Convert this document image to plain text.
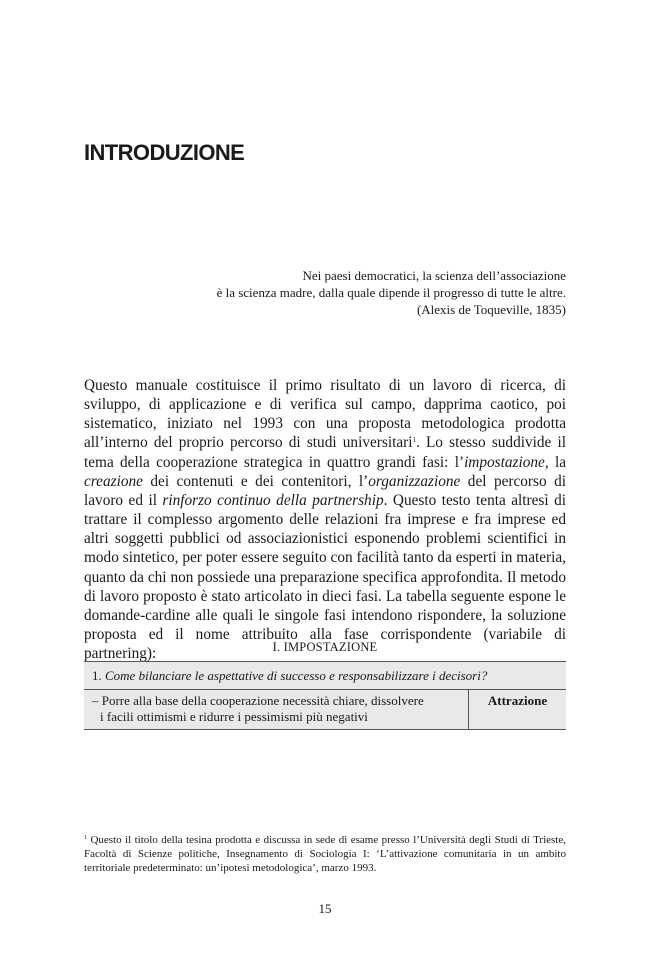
INTRODUZIONE
Nei paesi democratici, la scienza dell’associazione
è la scienza madre, dalla quale dipende il progresso di tutte le altre.
(Alexis de Toqueville, 1835)
Questo manuale costituisce il primo risultato di un lavoro di ricerca, di sviluppo, di applicazione e di verifica sul campo, dapprima caotico, poi sistematico, iniziato nel 1993 con una proposta metodologica prodotta all’interno del proprio percorso di studi universitari$^1$. Lo stesso suddivide il tema della cooperazione strategica in quattro grandi fasi: l’impostazione, la creazione dei contenuti e dei contenitori, l’organizzazione del percorso di lavoro ed il rinforzo continuo della partnership. Questo testo tenta altresì di trattare il complesso argomento delle relazioni fra imprese e fra imprese ed altri soggetti pubblici od associazionistici esponendo problemi scientifici in modo sintetico, per poter essere seguito con facilità tanto da esperti in materia, quanto da chi non possiede una preparazione specifica approfondita. Il metodo di lavoro proposto è stato articolato in dieci fasi. La tabella seguente espone le domande-cardine alle quali le singole fasi intendono rispondere, la soluzione proposta ed il nome attribuito alla fase corrispondente (variabile di partnering):	I. IMPOSTAZIONE
1. Come bilanciare le aspettative di successo e responsabilizzare i decisori?
– Porre alla base della cooperazione necessità chiare, dissolvere
i facili ottimismi e ridurre i pessimismi più negativi
Attrazione
$^1$ Questo il titolo della tesina prodotta e discussa in sede di esame presso l’Università degli Studi di Trieste, Facoltà di Scienze politiche, Insegnamento di Sociologia I: ‘L’attivazione comunitaria in un ambito territoriale predeterminato: un’ipotesi metodologica’, marzo 1993.
15
